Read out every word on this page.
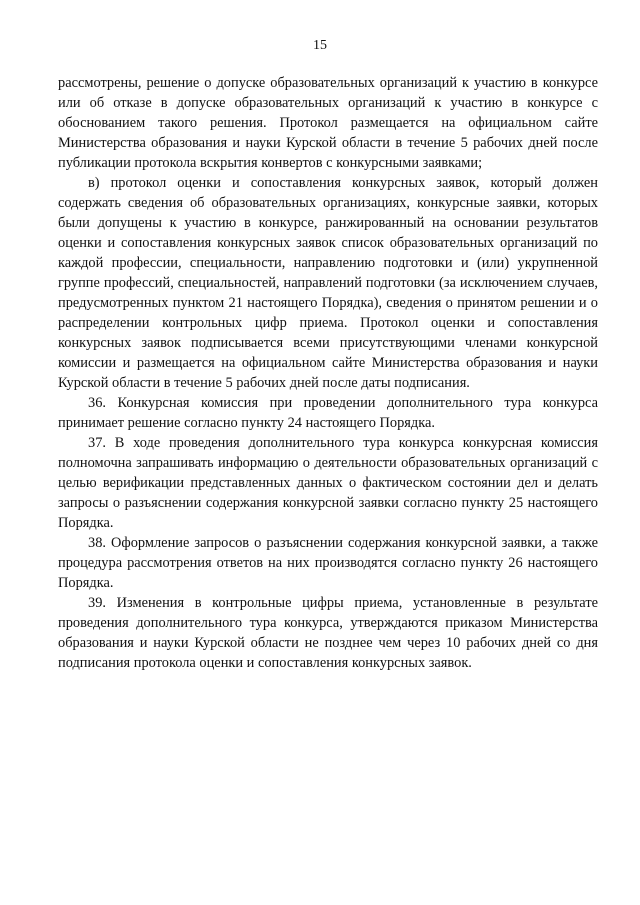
15

рассмотрены, решение о допуске образовательных организаций к участию в конкурсе или об отказе в допуске образовательных организаций к участию в конкурсе с обоснованием такого решения. Протокол размещается на официальном сайте Министерства образования и науки Курской области в течение 5 рабочих дней после публикации протокола вскрытия конвертов с конкурсными заявками;

в) протокол оценки и сопоставления конкурсных заявок, который должен содержать сведения об образовательных организациях, конкурсные заявки, которых были допущены к участию в конкурсе, ранжированный на основании результатов оценки и сопоставления конкурсных заявок список образовательных организаций по каждой профессии, специальности, направлению подготовки и (или) укрупненной группе профессий, специальностей, направлений подготовки (за исключением случаев, предусмотренных пунктом 21 настоящего Порядка), сведения о принятом решении и о распределении контрольных цифр приема. Протокол оценки и сопоставления конкурсных заявок подписывается всеми присутствующими членами конкурсной комиссии и размещается на официальном сайте Министерства образования и науки Курской области в течение 5 рабочих дней после даты подписания.

36. Конкурсная комиссия при проведении дополнительного тура конкурса принимает решение согласно пункту 24 настоящего Порядка.

37. В ходе проведения дополнительного тура конкурса конкурсная комиссия полномочна запрашивать информацию о деятельности образовательных организаций с целью верификации представленных данных о фактическом состоянии дел и делать запросы о разъяснении содержания конкурсной заявки согласно пункту 25 настоящего Порядка.

38. Оформление запросов о разъяснении содержания конкурсной заявки, а также процедура рассмотрения ответов на них производятся согласно пункту 26 настоящего Порядка.

39. Изменения в контрольные цифры приема, установленные в результате проведения дополнительного тура конкурса, утверждаются приказом Министерства образования и науки Курской области не позднее чем через 10 рабочих дней со дня подписания протокола оценки и сопоставления конкурсных заявок.
